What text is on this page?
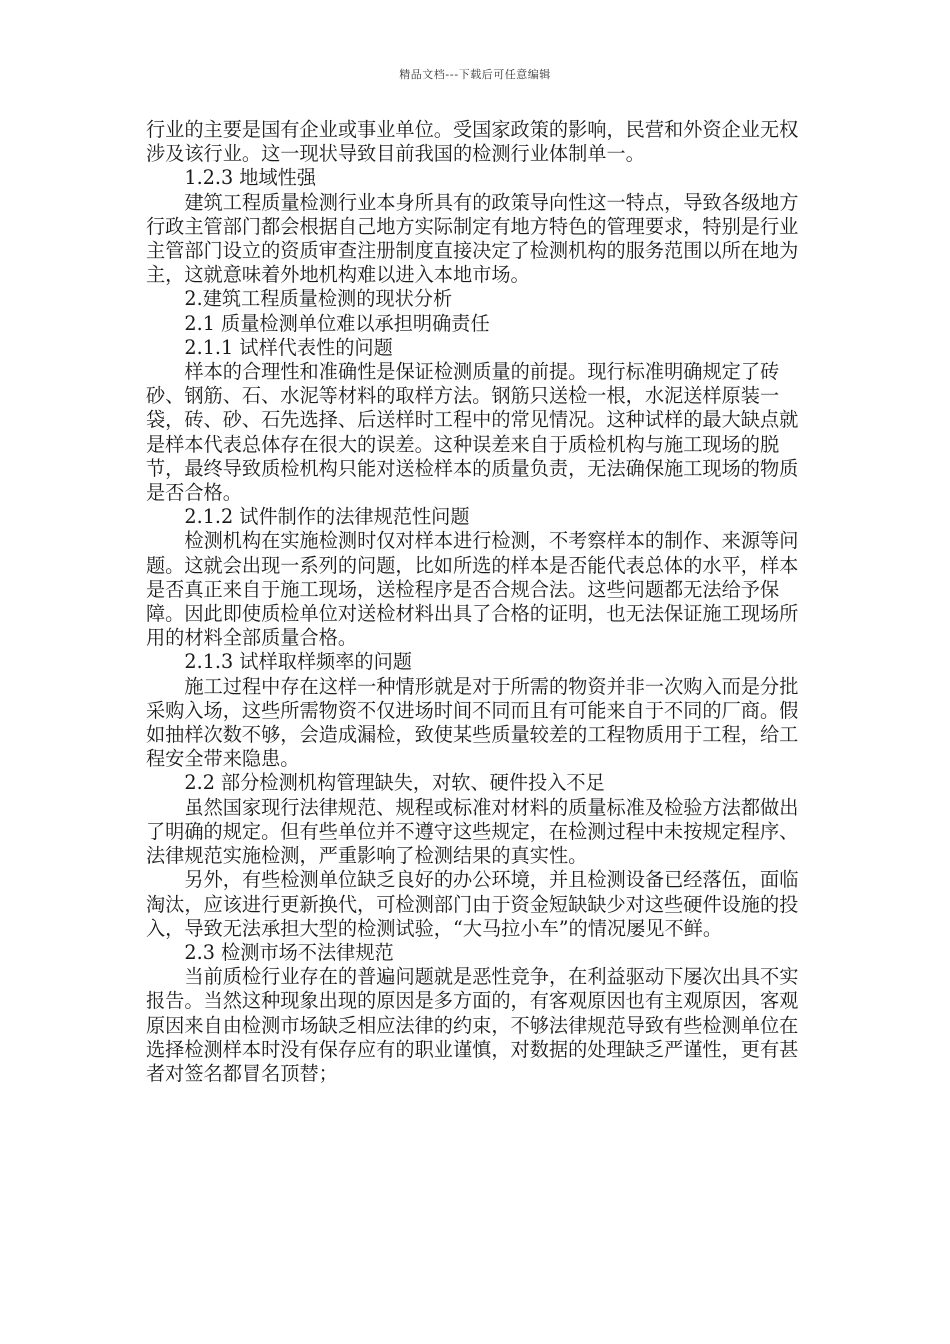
精品文档---下载后可任意编辑

行业的主要是国有企业或事业单位。受国家政策的影响，民营和外资企业无权涉及该行业。这一现状导致目前我国的检测行业体制单一。

1.2.3 地域性强

建筑工程质量检测行业本身所具有的政策导向性这一特点，导致各级地方行政主管部门都会根据自己地方实际制定有地方特色的管理要求，特别是行业主管部门设立的资质审查注册制度直接决定了检测机构的服务范围以所在地为主，这就意味着外地机构难以进入本地市场。

2.建筑工程质量检测的现状分析

2.1 质量检测单位难以承担明确责任

2.1.1 试样代表性的问题

样本的合理性和准确性是保证检测质量的前提。现行标准明确规定了砖砂、钢筋、石、水泥等材料的取样方法。钢筋只送检一根，水泥送样原装一袋，砖、砂、石先选择、后送样时工程中的常见情况。这种试样的最大缺点就是样本代表总体存在很大的误差。这种误差来自于质检机构与施工现场的脱节，最终导致质检机构只能对送检样本的质量负责，无法确保施工现场的物质是否合格。

2.1.2 试件制作的法律规范性问题

检测机构在实施检测时仅对样本进行检测，不考察样本的制作、来源等问题。这就会出现一系列的问题，比如所选的样本是否能代表总体的水平，样本是否真正来自于施工现场，送检程序是否合规合法。这些问题都无法给予保障。因此即使质检单位对送检材料出具了合格的证明，也无法保证施工现场所用的材料全部质量合格。

2.1.3 试样取样频率的问题

施工过程中存在这样一种情形就是对于所需的物资并非一次购入而是分批采购入场，这些所需物资不仅进场时间不同而且有可能来自于不同的厂商。假如抽样次数不够，会造成漏检，致使某些质量较差的工程物质用于工程，给工程安全带来隐患。

2.2 部分检测机构管理缺失，对软、硬件投入不足

虽然国家现行法律规范、规程或标准对材料的质量标准及检验方法都做出了明确的规定。但有些单位并不遵守这些规定，在检测过程中未按规定程序、法律规范实施检测，严重影响了检测结果的真实性。

另外，有些检测单位缺乏良好的办公环境，并且检测设备已经落伍，面临淘汰，应该进行更新换代，可检测部门由于资金短缺缺少对这些硬件设施的投入，导致无法承担大型的检测试验，“大马拉小车”的情况屡见不鲜。

2.3 检测市场不法律规范

当前质检行业存在的普遍问题就是恶性竞争，在利益驱动下屡次出具不实报告。当然这种现象出现的原因是多方面的，有客观原因也有主观原因，客观原因来自由检测市场缺乏相应法律的约束，不够法律规范导致有些检测单位在选择检测样本时没有保存应有的职业谨慎，对数据的处理缺乏严谨性，更有甚者对签名都冒名顶替；
